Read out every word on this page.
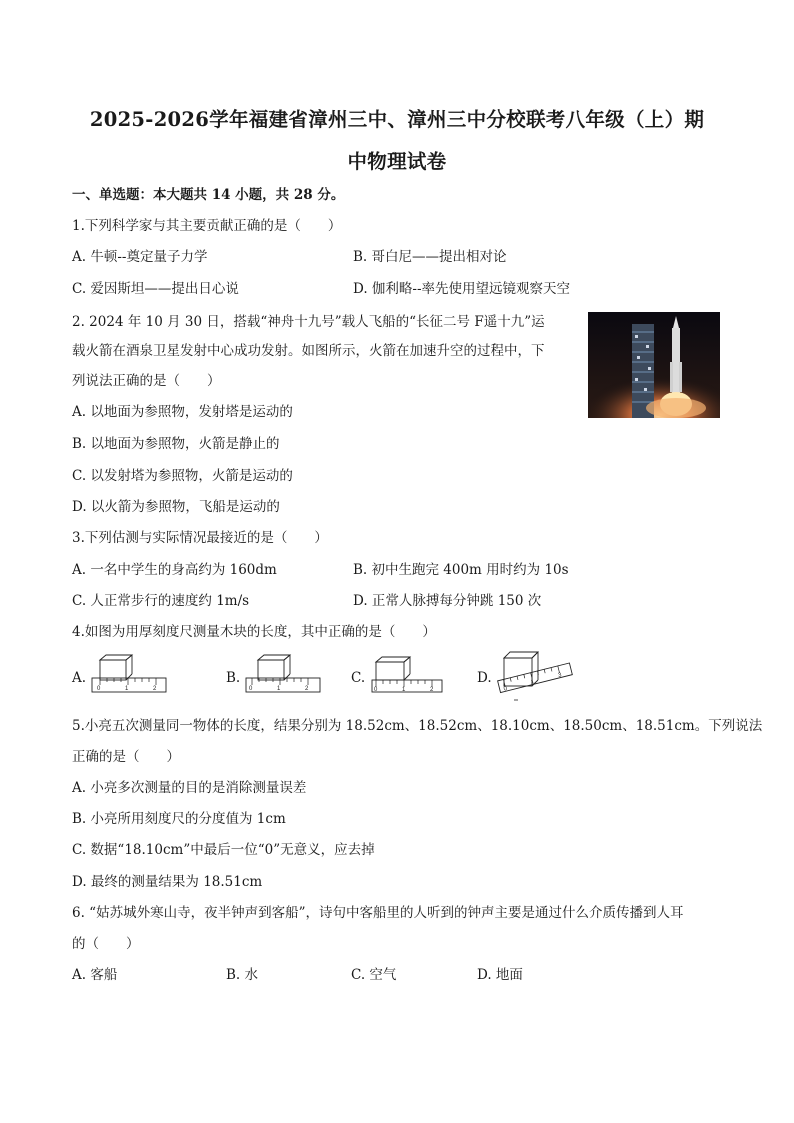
2025-2026学年福建省漳州三中、漳州三中分校联考八年级（上）期
中物理试卷
一、单选题：本大题共 14 小题，共 28 分。
1.下列科学家与其主要贡献正确的是（　　）
A. 牛顿--奠定量子力学	B. 哥白尼——提出相对论
C. 爱因斯坦——提出日心说	D. 伽利略--率先使用望远镜观察天空
2. 2024 年 10 月 30 日，搭载“神舟十九号”载人飞船的“长征二号 F遥十九”运
载火箭在酒泉卫星发射中心成功发射。如图所示，火箭在加速升空的过程中，下
列说法正确的是（　　）
A. 以地面为参照物，发射塔是运动的
B. 以地面为参照物，火箭是静止的
C. 以发射塔为参照物，火箭是运动的
D. 以火箭为参照物，飞船是运动的
3.下列估测与实际情况最接近的是（　　）
A. 一名中学生的身高约为 160dm	B. 初中生跑完 400m 用时约为 10s
C. 人正常步行的速度约 1m/s	D. 正常人脉搏每分钟跳 150 次
4.如图为用厚刻度尺测量木块的长度，其中正确的是（　　）
A.	B.	C.	D.
0	1	2	0	1	2	0	1	2	0
1
3
5.小亮五次测量同一物体的长度，结果分别为 18.52cm、18.52cm、18.10cm、18.50cm、18.51cm。下列说法
正确的是（　　）
A. 小亮多次测量的目的是消除测量误差
B. 小亮所用刻度尺的分度值为 1cm
C. 数据“18.10cm”中最后一位“0”无意义，应去掉
D. 最终的测量结果为 18.51cm
6. “姑苏城外寒山寺，夜半钟声到客船”，诗句中客船里的人听到的钟声主要是通过什么介质传播到人耳
的（　　）
A. 客船	B. 水	C. 空气	D. 地面
